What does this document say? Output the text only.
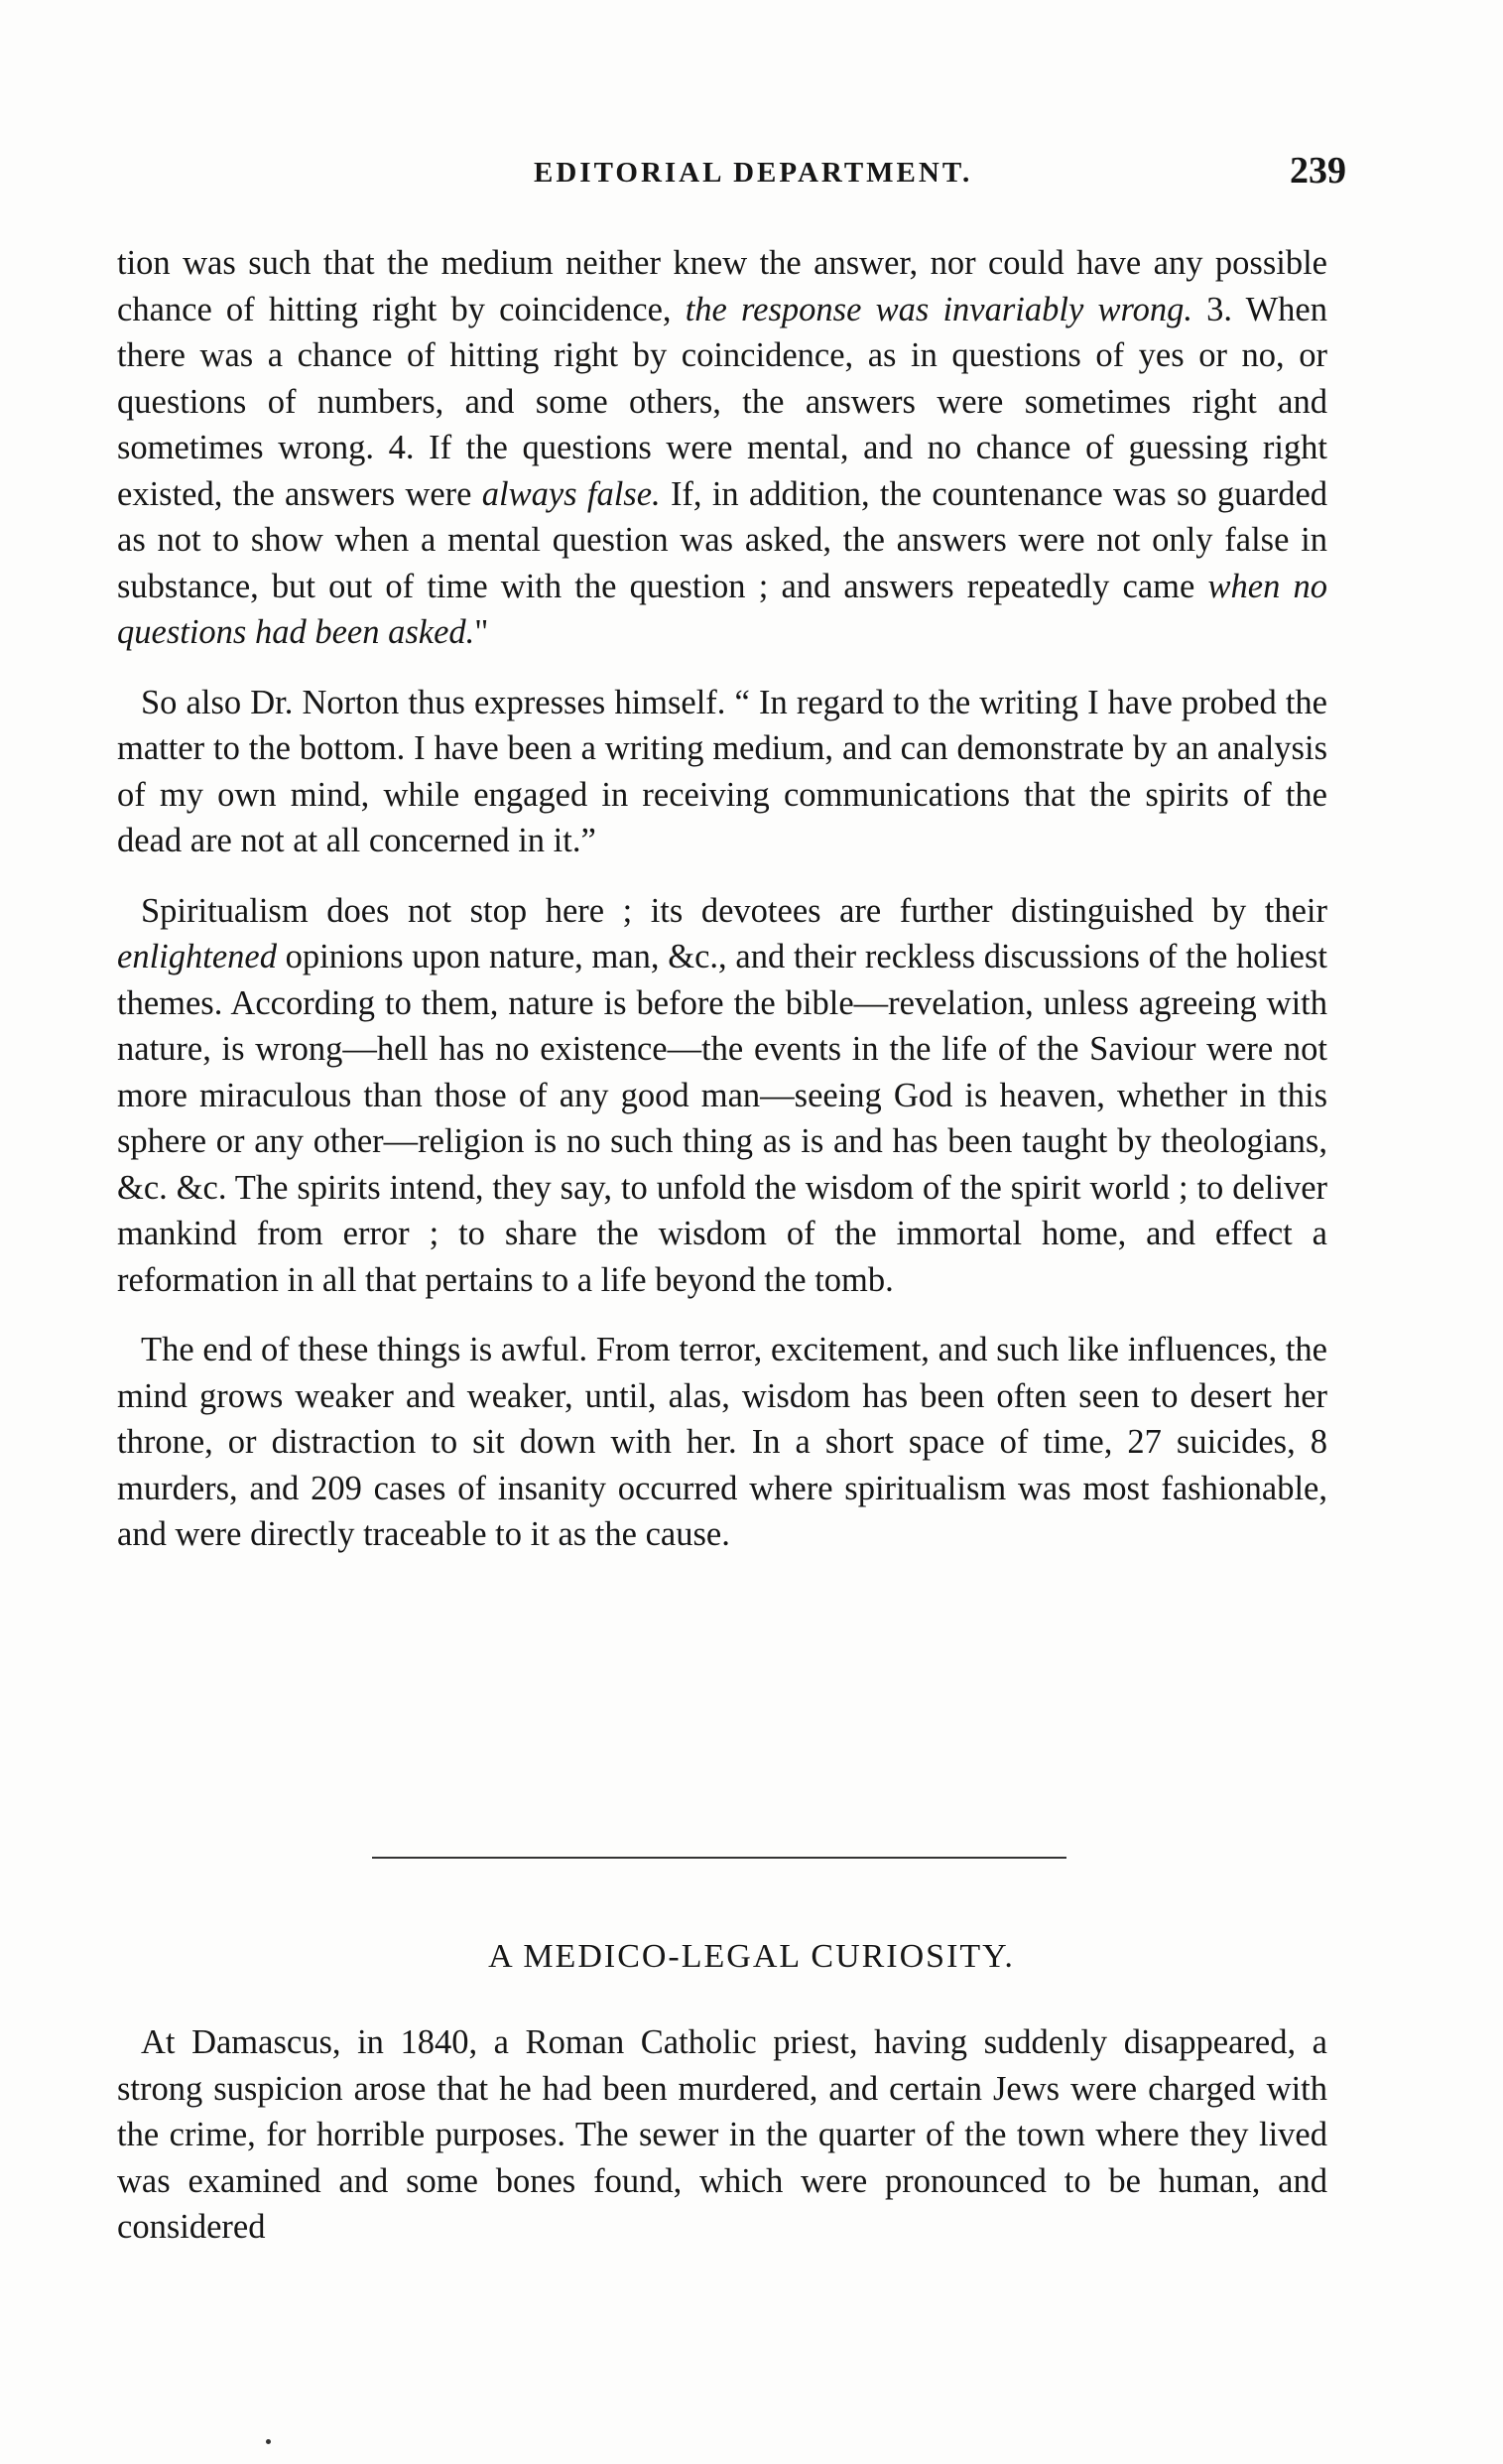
EDITORIAL DEPARTMENT.	239

tion was such that the medium neither knew the answer, nor could have any possible chance of hitting right by coincidence, the response was invariably wrong. 3. When there was a chance of hitting right by coincidence, as in questions of yes or no, or questions of numbers, and some others, the answers were sometimes right and sometimes wrong. 4. If the questions were mental, and no chance of guessing right existed, the answers were always false. If, in addition, the countenance was so guarded as not to show when a mental question was asked, the answers were not only false in substance, but out of time with the question ; and answers repeatedly came when no questions had been asked."

So also Dr. Norton thus expresses himself. “ In regard to the writing I have probed the matter to the bottom. I have been a writing medium, and can demonstrate by an analysis of my own mind, while engaged in receiving communications that the spirits of the dead are not at all concerned in it.”

Spiritualism does not stop here ; its devotees are further distinguished by their enlightened opinions upon nature, man, &c., and their reckless discussions of the holiest themes. According to them, nature is before the bible—revelation, unless agreeing with nature, is wrong—hell has no existence—the events in the life of the Saviour were not more miraculous than those of any good man—seeing God is heaven, whether in this sphere or any other—religion is no such thing as is and has been taught by theologians, &c. &c. The spirits intend, they say, to unfold the wisdom of the spirit world ; to deliver mankind from error ; to share the wisdom of the immortal home, and effect a reformation in all that pertains to a life beyond the tomb.

The end of these things is awful. From terror, excitement, and such like influences, the mind grows weaker and weaker, until, alas, wisdom has been often seen to desert her throne, or distraction to sit down with her. In a short space of time, 27 suicides, 8 murders, and 209 cases of insanity occurred where spiritualism was most fashionable, and were directly traceable to it as the cause.

A MEDICO-LEGAL CURIOSITY.

At Damascus, in 1840, a Roman Catholic priest, having suddenly disappeared, a strong suspicion arose that he had been murdered, and certain Jews were charged with the crime, for horrible purposes. The sewer in the quarter of the town where they lived was examined and some bones found, which were pronounced to be human, and considered
